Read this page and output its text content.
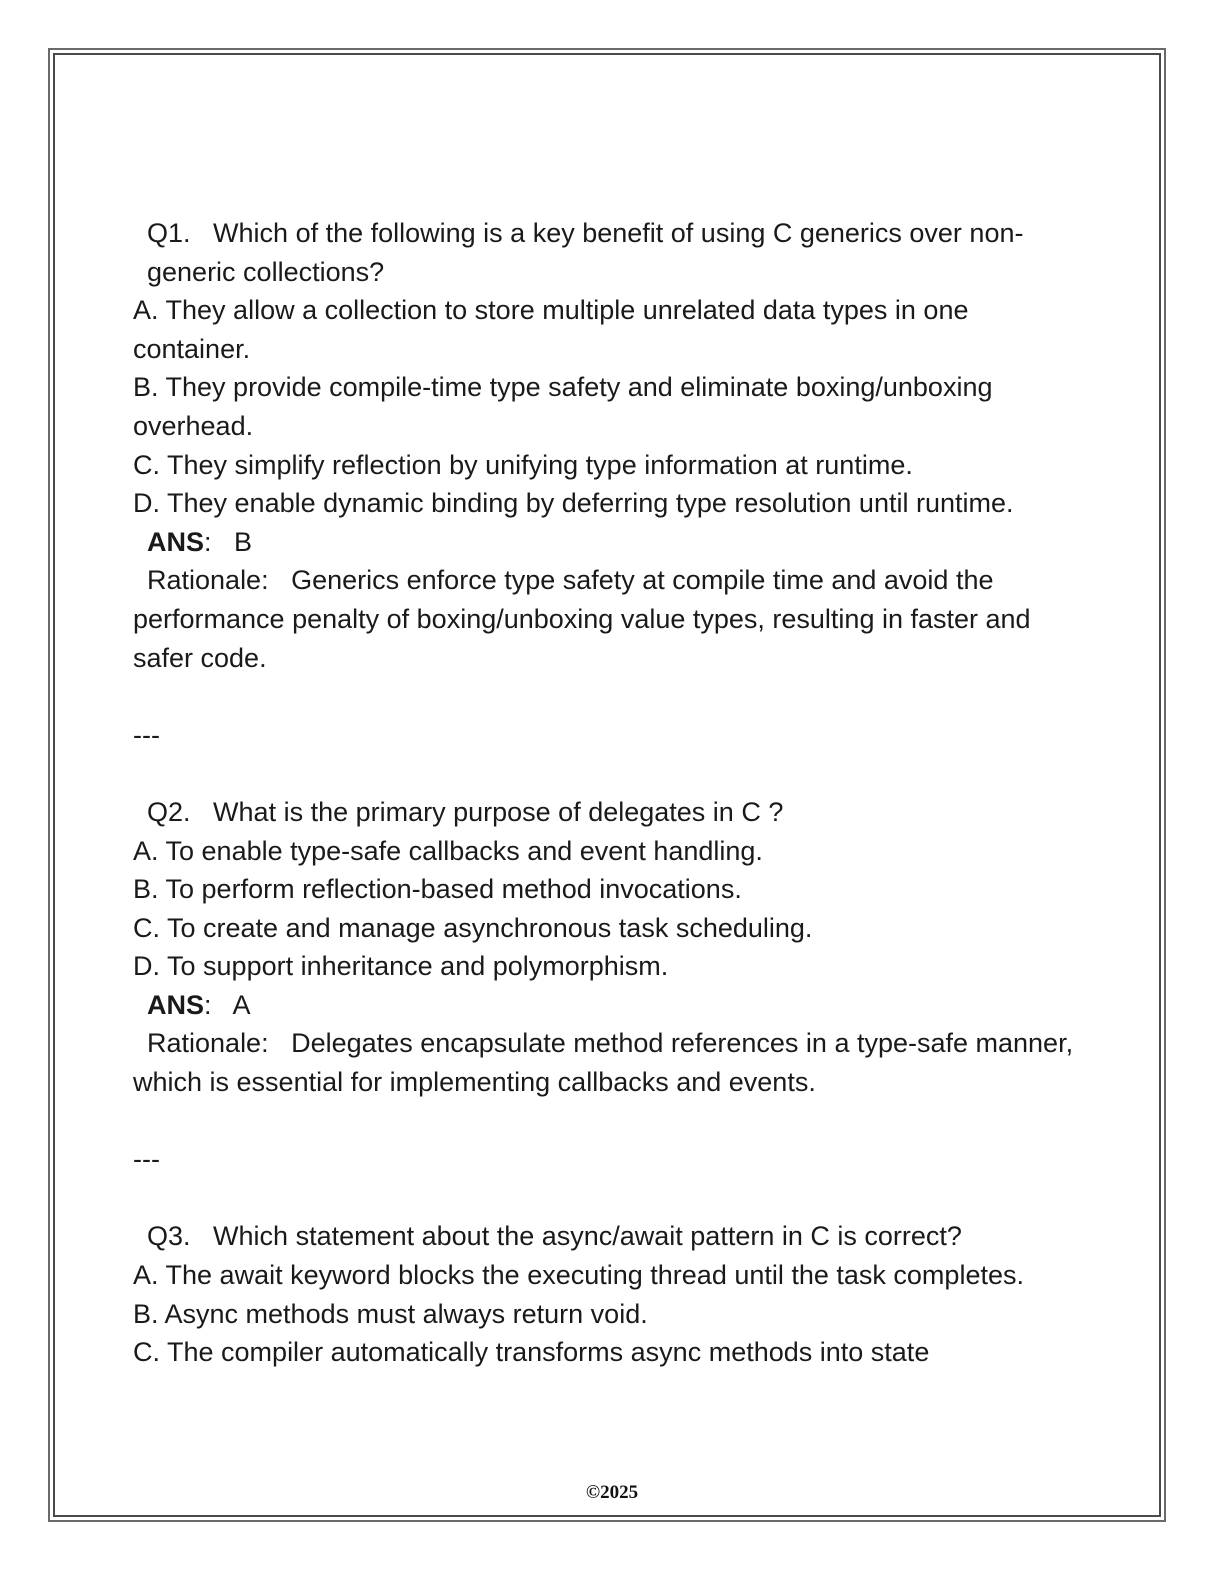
Q1. Which of the following is a key benefit of using C generics over non-generic collections?

A. They allow a collection to store multiple unrelated data types in one container.

B. They provide compile-time type safety and eliminate boxing/unboxing overhead.

C. They simplify reflection by unifying type information at runtime.

D. They enable dynamic binding by deferring type resolution until runtime.

ANS:   B

Rationale: Generics enforce type safety at compile time and avoid the performance penalty of boxing/unboxing value types, resulting in faster and safer code.

---

Q2. What is the primary purpose of delegates in C ?

A. To enable type-safe callbacks and event handling.

B. To perform reflection-based method invocations.

C. To create and manage asynchronous task scheduling.

D. To support inheritance and polymorphism.

ANS:   A

Rationale: Delegates encapsulate method references in a type-safe manner, which is essential for implementing callbacks and events.

---

Q3. Which statement about the async/await pattern in C is correct?

A. The await keyword blocks the executing thread until the task completes.

B. Async methods must always return void.

C. The compiler automatically transforms async methods into state

©2025
